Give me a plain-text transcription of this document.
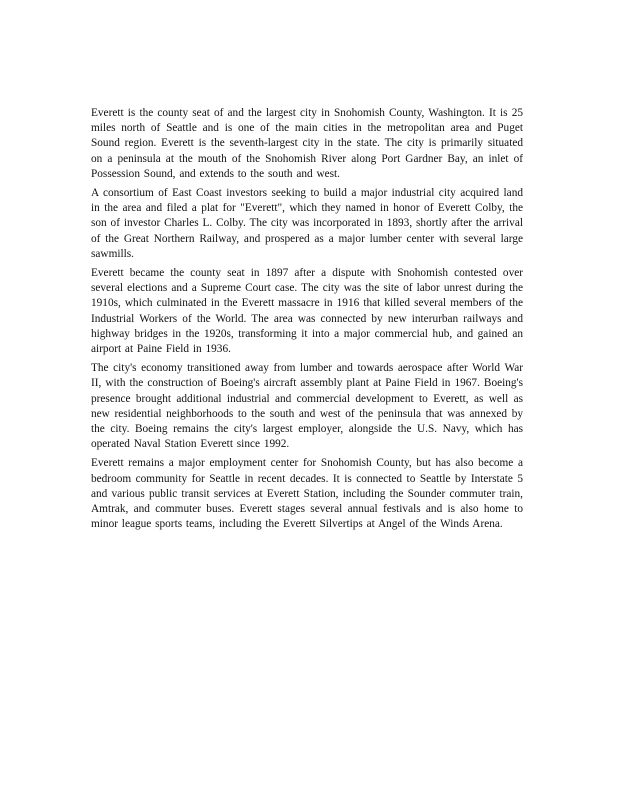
Everett is the county seat of and the largest city in Snohomish County, Washington. It is 25 miles north of Seattle and is one of the main cities in the metropolitan area and Puget Sound region. Everett is the seventh-largest city in the state. The city is primarily situated on a peninsula at the mouth of the Snohomish River along Port Gardner Bay, an inlet of Possession Sound, and extends to the south and west.

A consortium of East Coast investors seeking to build a major industrial city acquired land in the area and filed a plat for "Everett", which they named in honor of Everett Colby, the son of investor Charles L. Colby. The city was incorporated in 1893, shortly after the arrival of the Great Northern Railway, and prospered as a major lumber center with several large sawmills.

Everett became the county seat in 1897 after a dispute with Snohomish contested over several elections and a Supreme Court case. The city was the site of labor unrest during the 1910s, which culminated in the Everett massacre in 1916 that killed several members of the Industrial Workers of the World. The area was connected by new interurban railways and highway bridges in the 1920s, transforming it into a major commercial hub, and gained an airport at Paine Field in 1936.

The city's economy transitioned away from lumber and towards aerospace after World War II, with the construction of Boeing's aircraft assembly plant at Paine Field in 1967. Boeing's presence brought additional industrial and commercial development to Everett, as well as new residential neighborhoods to the south and west of the peninsula that was annexed by the city. Boeing remains the city's largest employer, alongside the U.S. Navy, which has operated Naval Station Everett since 1992.

Everett remains a major employment center for Snohomish County, but has also become a bedroom community for Seattle in recent decades. It is connected to Seattle by Interstate 5 and various public transit services at Everett Station, including the Sounder commuter train, Amtrak, and commuter buses. Everett stages several annual festivals and is also home to minor league sports teams, including the Everett Silvertips at Angel of the Winds Arena.
